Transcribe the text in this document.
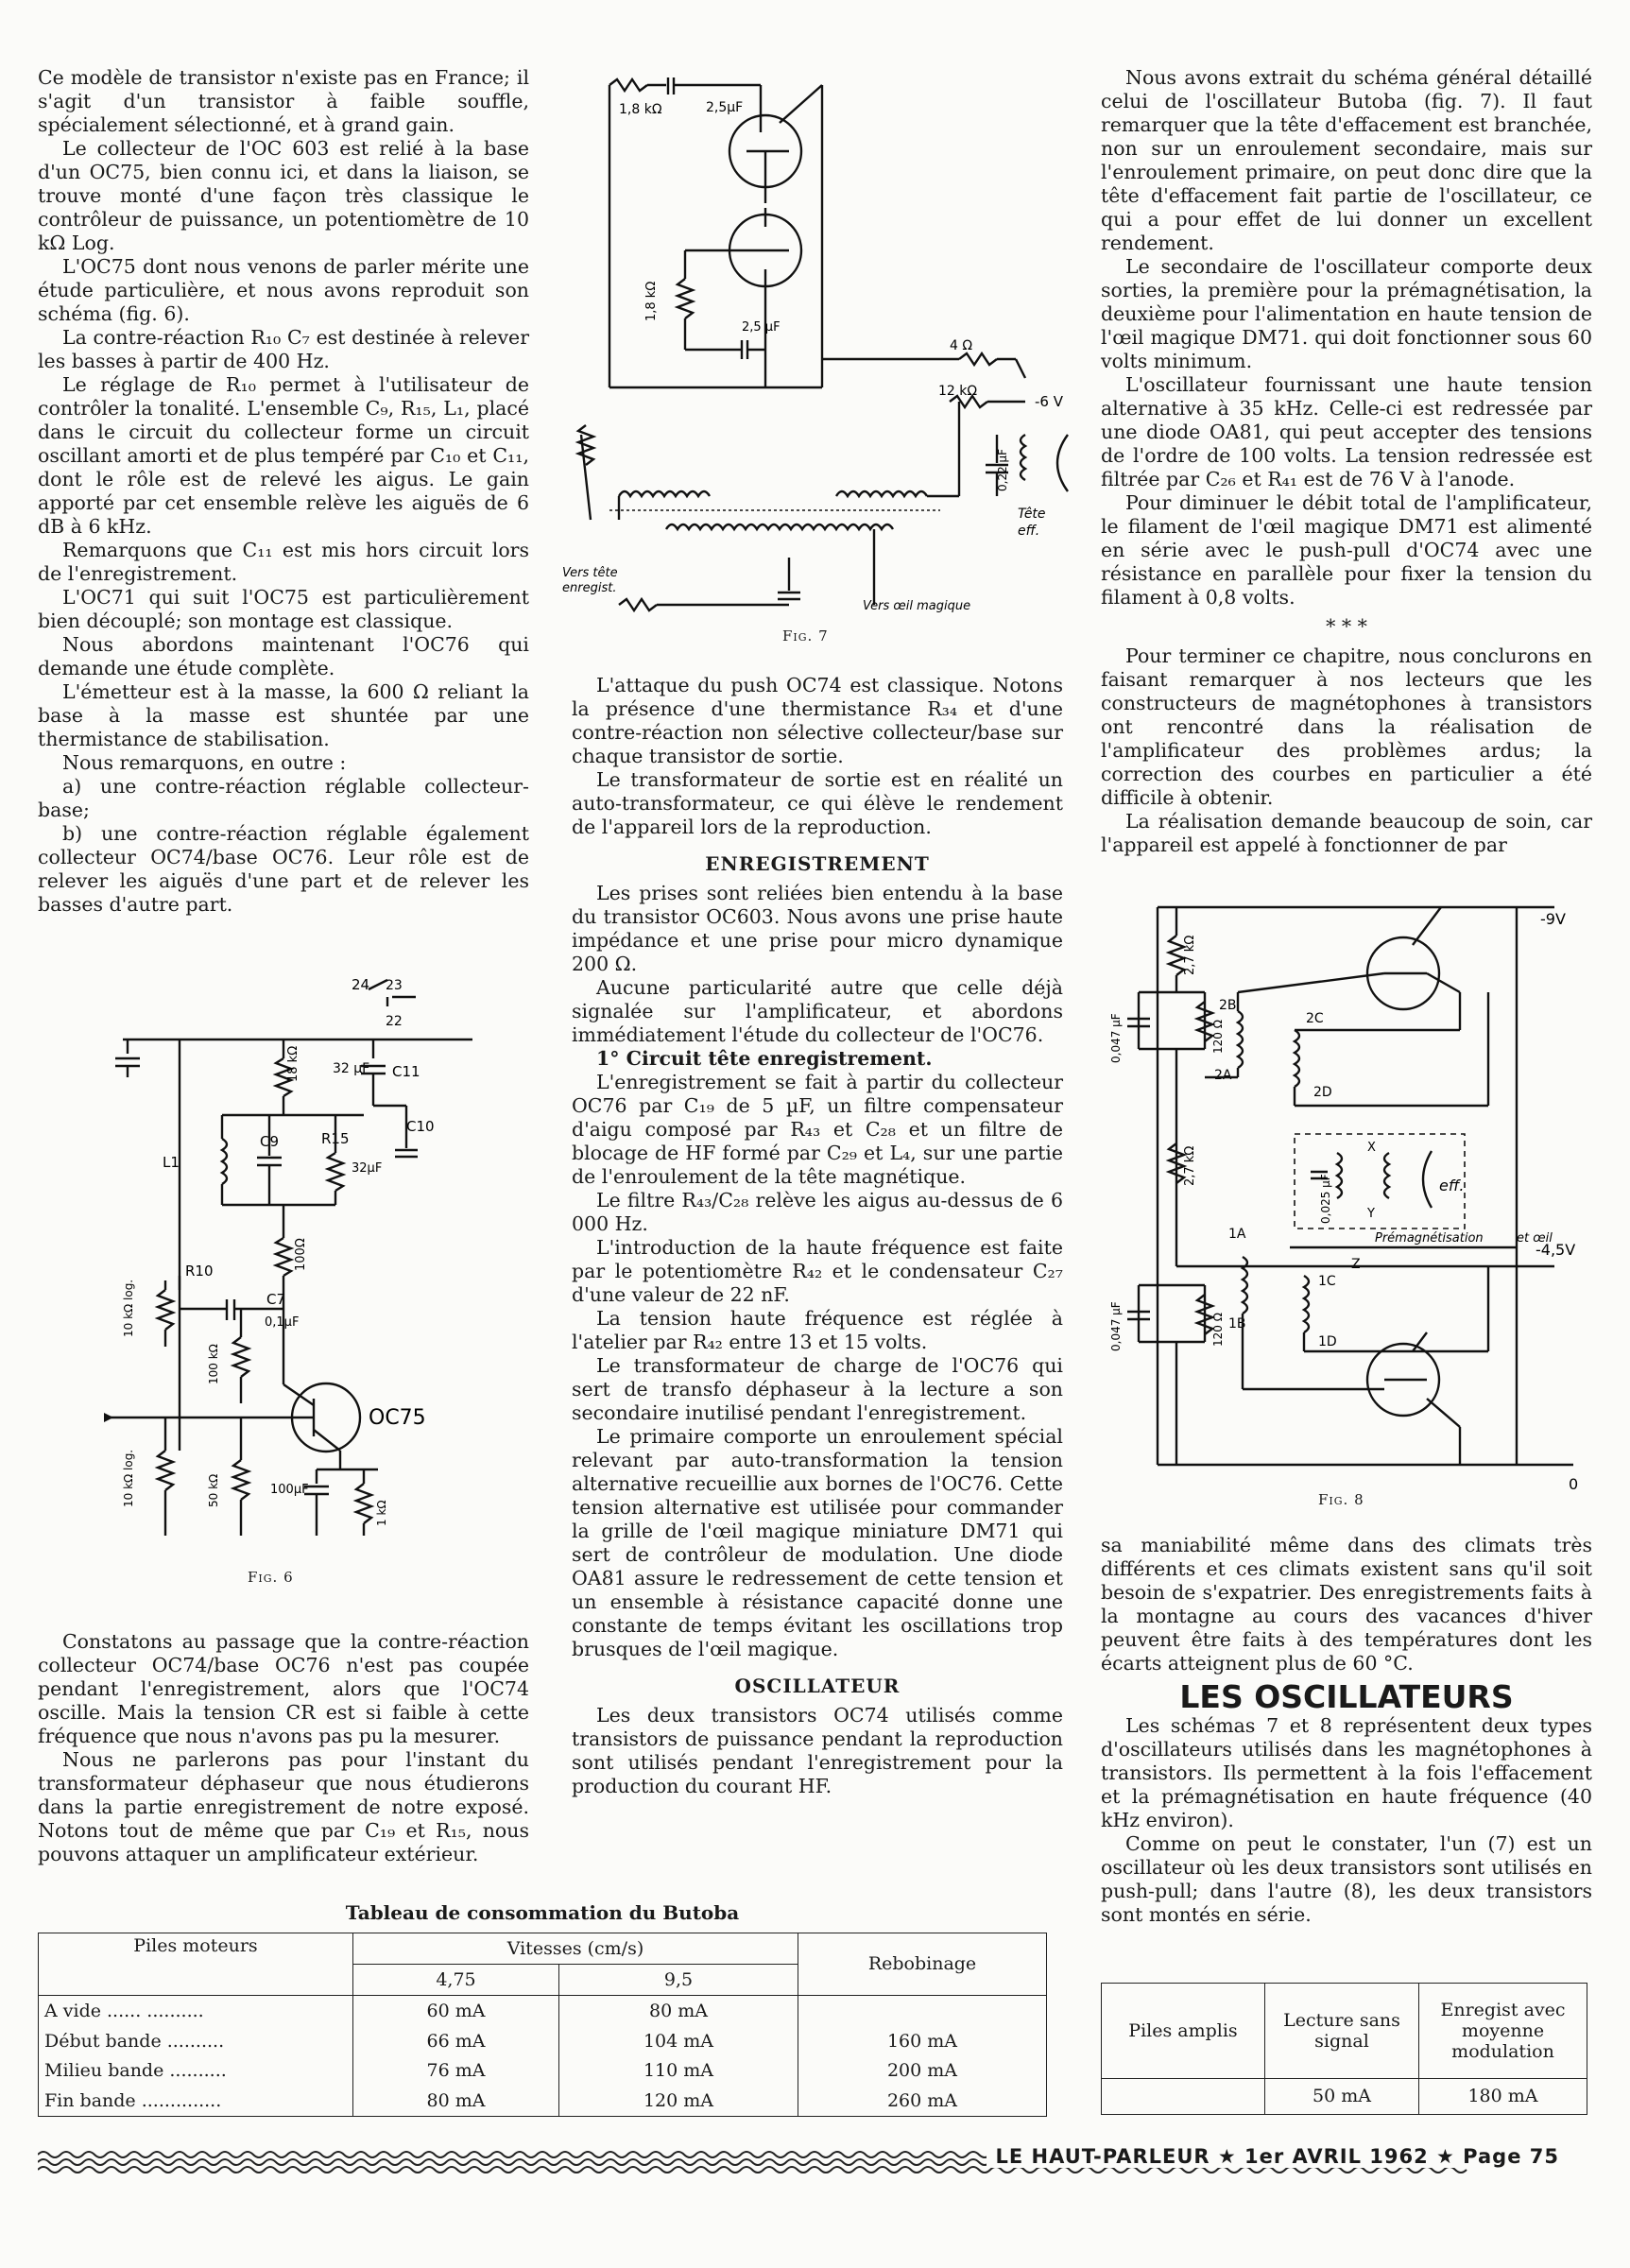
Ce modèle de transistor n'existe pas en France; il s'agit d'un transistor à faible souffle, spécialement sélectionné, et à grand gain.

Le collecteur de l'OC 603 est relié à la base d'un OC75, bien connu ici, et dans la liaison, se trouve monté d'une façon très classique le contrôleur de puissance, un potentiomètre de 10 kΩ Log.

L'OC75 dont nous venons de parler mérite une étude particulière, et nous avons reproduit son schéma (fig. 6).

La contre-réaction R₁₀ C₇ est destinée à relever les basses à partir de 400 Hz.

Le réglage de R₁₀ permet à l'utilisateur de contrôler la tonalité. L'ensemble C₉, R₁₅, L₁, placé dans le circuit du collecteur forme un circuit oscillant amorti et de plus tempéré par C₁₀ et C₁₁, dont le rôle est de relevé les aigus. Le gain apporté par cet ensemble relève les aiguës de 6 dB à 6 kHz.

Remarquons que C₁₁ est mis hors circuit lors de l'enregistrement.

L'OC71 qui suit l'OC75 est particulièrement bien découplé; son montage est classique.

Nous abordons maintenant l'OC76 qui demande une étude complète.

L'émetteur est à la masse, la 600 Ω reliant la base à la masse est shuntée par une thermistance de stabilisation.

Nous remarquons, en outre :

a) une contre-réaction réglable collecteur-base;

b) une contre-réaction réglable également collecteur OC74/base OC76. Leur rôle est de relever les aiguës d'une part et de relever les basses d'autre part.

24 23
22
18 kΩ 32 µF C11
C10
L1
C9	R15
32µF
100Ω
R10
10 kΩ log.	C7
0,1µF
100 kΩ
OC75
10 kΩ log.	50 kΩ	100µF
1 kΩ
Fig. 6

Constatons au passage que la contre-réaction collecteur OC74/base OC76 n'est pas coupée pendant l'enregistrement, alors que l'OC74 oscille. Mais la tension CR est si faible à cette fréquence que nous n'avons pas pu la mesurer.

Nous ne parlerons pas pour l'instant du transformateur déphaseur que nous étudierons dans la partie enregistrement de notre exposé. Notons tout de même que par C₁₉ et R₁₅, nous pouvons attaquer un amplificateur extérieur.

1,8 kΩ	2,5µF
1,8 kΩ
2,5 µF
4 Ω
12 kΩ
-6 V
0,22 µF
Tête
eff.
Vers tête
enregist.
Vers œil magique
Fig. 7

L'attaque du push OC74 est classique. Notons la présence d'une thermistance R₃₄ et d'une contre-réaction non sélective collecteur/base sur chaque transistor de sortie.

Le transformateur de sortie est en réalité un auto-transformateur, ce qui élève le rendement de l'appareil lors de la reproduction.

ENREGISTREMENT

Les prises sont reliées bien entendu à la base du transistor OC603. Nous avons une prise haute impédance et une prise pour micro dynamique 200 Ω.

Aucune particularité autre que celle déjà signalée sur l'amplificateur, et abordons immédiatement l'étude du collecteur de l'OC76.

1° Circuit tête enregistrement.

L'enregistrement se fait à partir du collecteur OC76 par C₁₉ de 5 µF, un filtre compensateur d'aigu composé par R₄₃ et C₂₈ et un filtre de blocage de HF formé par C₂₉ et L₄, sur une partie de l'enroulement de la tête magnétique.

Le filtre R₄₃/C₂₈ relève les aigus au-dessus de 6 000 Hz.

L'introduction de la haute fréquence est faite par le potentiomètre R₄₂ et le condensateur C₂₇ d'une valeur de 22 nF.

La tension haute fréquence est réglée à l'atelier par R₄₂ entre 13 et 15 volts.

Le transformateur de charge de l'OC76 qui sert de transfo déphaseur à la lecture a son secondaire inutilisé pendant l'enregistrement.

Le primaire comporte un enroulement spécial relevant par auto-transformation la tension alternative recueillie aux bornes de l'OC76. Cette tension alternative est utilisée pour commander la grille de l'œil magique miniature DM71 qui sert de contrôleur de modulation. Une diode OA81 assure le redressement de cette tension et un ensemble à résistance capacité donne une constante de temps évitant les oscillations trop brusques de l'œil magique.

OSCILLATEUR

Les deux transistors OC74 utilisés comme transistors de puissance pendant la reproduction sont utilisés pendant l'enregistrement pour la production du courant HF.

Nous avons extrait du schéma général détaillé celui de l'oscillateur Butoba (fig. 7). Il faut remarquer que la tête d'effacement est branchée, non sur un enroulement secondaire, mais sur l'enroulement primaire, on peut donc dire que la tête d'effacement fait partie de l'oscillateur, ce qui a pour effet de lui donner un excellent rendement.

Le secondaire de l'oscillateur comporte deux sorties, la première pour la prémagnétisation, la deuxième pour l'alimentation en haute tension de l'œil magique DM71. qui doit fonctionner sous 60 volts minimum.

L'oscillateur fournissant une haute tension alternative à 35 kHz. Celle-ci est redressée par une diode OA81, qui peut accepter des tensions de l'ordre de 100 volts. La tension redressée est filtrée par C₂₆ et R₄₁ est de 76 V à l'anode.

Pour diminuer le débit total de l'amplificateur, le filament de l'œil magique DM71 est alimenté en série avec le push-pull d'OC74 avec une résistance en parallèle pour fixer la tension du filament à 0,8 volts.

* * *

Pour terminer ce chapitre, nous conclurons en faisant remarquer à nos lecteurs que les constructeurs de magnétophones à transistors ont rencontré dans la réalisation de l'amplificateur des problèmes ardus; la correction des courbes en particulier a été difficile à obtenir.

La réalisation demande beaucoup de soin, car l'appareil est appelé à fonctionner de par

-9V
0
2,7 kΩ
0,047 µF	120 Ω
2B
2A
2C
2D
X
Y
0,025 µF	eff.
Z
Prémagnétisation	et œil
2,7 kΩ
-4,5V
0,047 µF	120 Ω
1A
1B
1C
1D
Fig. 8

sa maniabilité même dans des climats très différents et ces climats existent sans qu'il soit besoin de s'expatrier. Des enregistrements faits à la montagne au cours des vacances d'hiver peuvent être faits à des températures dont les écarts atteignent plus de 60 °C.

LES OSCILLATEURS

Les schémas 7 et 8 représentent deux types d'oscillateurs utilisés dans les magnétophones à transistors. Ils permettent à la fois l'effacement et la prémagnétisation en haute fréquence (40 kHz environ).

Comme on peut le constater, l'un (7) est un oscillateur où les deux transistors sont utilisés en push-pull; dans l'autre (8), les deux transistors sont montés en série.

Tableau de consommation du Butoba
Piles moteurs	Vitesses (cm/s)		Rebobinage
	4,75	9,5	
A vide ...... ..........	60 mA	80 mA	
Début bande ..........	66 mA	104 mA	160 mA
Milieu bande ..........	76 mA	110 mA	200 mA
Fin bande ..............	80 mA	120 mA	260 mA
Piles amplis	Lecture sans signal	Enregist avec moyenne modulation
	50 mA	180 mA
LE HAUT-PARLEUR ★ 1er AVRIL 1962 ★ Page 75
